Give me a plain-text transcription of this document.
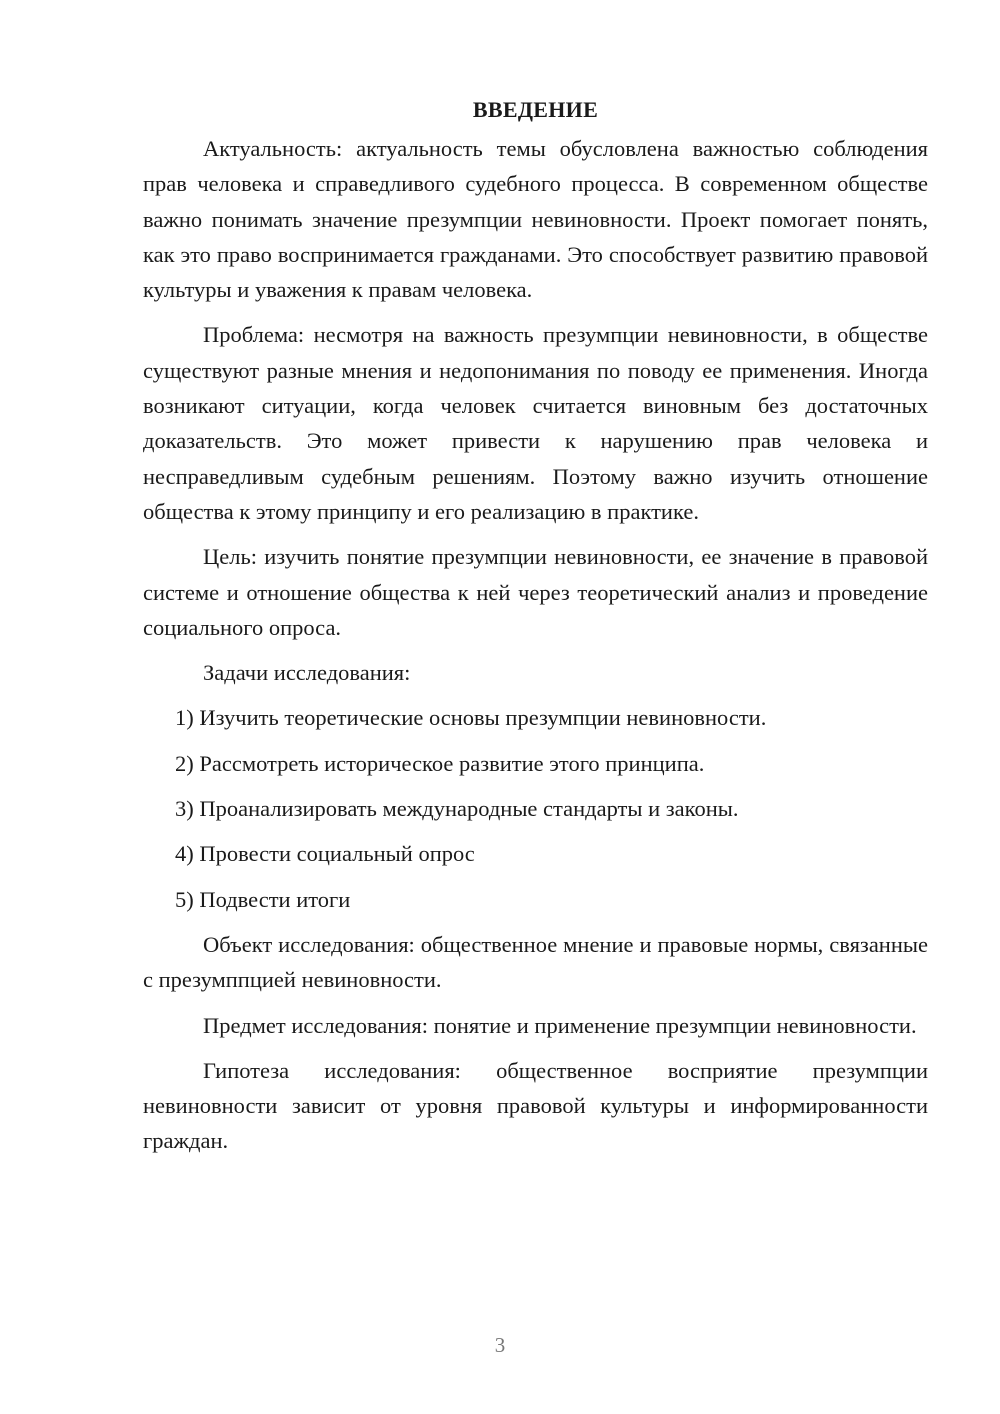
ВВЕДЕНИЕ

Актуальность: актуальность темы обусловлена важностью соблюдения прав человека и справедливого судебного процесса. В современном обществе важно понимать значение презумпции невиновности. Проект помогает понять, как это право воспринимается гражданами. Это способствует развитию правовой культуры и уважения к правам человека.

Проблема: несмотря на важность презумпции невиновности, в обществе существуют разные мнения и недопонимания по поводу ее применения. Иногда возникают ситуации, когда человек считается виновным без достаточных доказательств. Это может привести к нарушению прав человека и несправедливым судебным решениям. Поэтому важно изучить отношение общества к этому принципу и его реализацию в практике.

Цель: изучить понятие презумпции невиновности, ее значение в правовой системе и отношение общества к ней через теоретический анализ и проведение социального опроса.

Задачи исследования:

1) Изучить теоретические основы презумпции невиновности.
2) Рассмотреть историческое развитие этого принципа.
3) Проанализировать международные стандарты и законы.
4) Провести социальный опрос
5) Подвести итоги

Объект исследования: общественное мнение и правовые нормы, связанные с презумппцией невиновности.

Предмет исследования: понятие и применение презумпции невиновности.

Гипотеза исследования: общественное восприятие презумпции невиновности зависит от уровня правовой культуры и информированности граждан.

3
